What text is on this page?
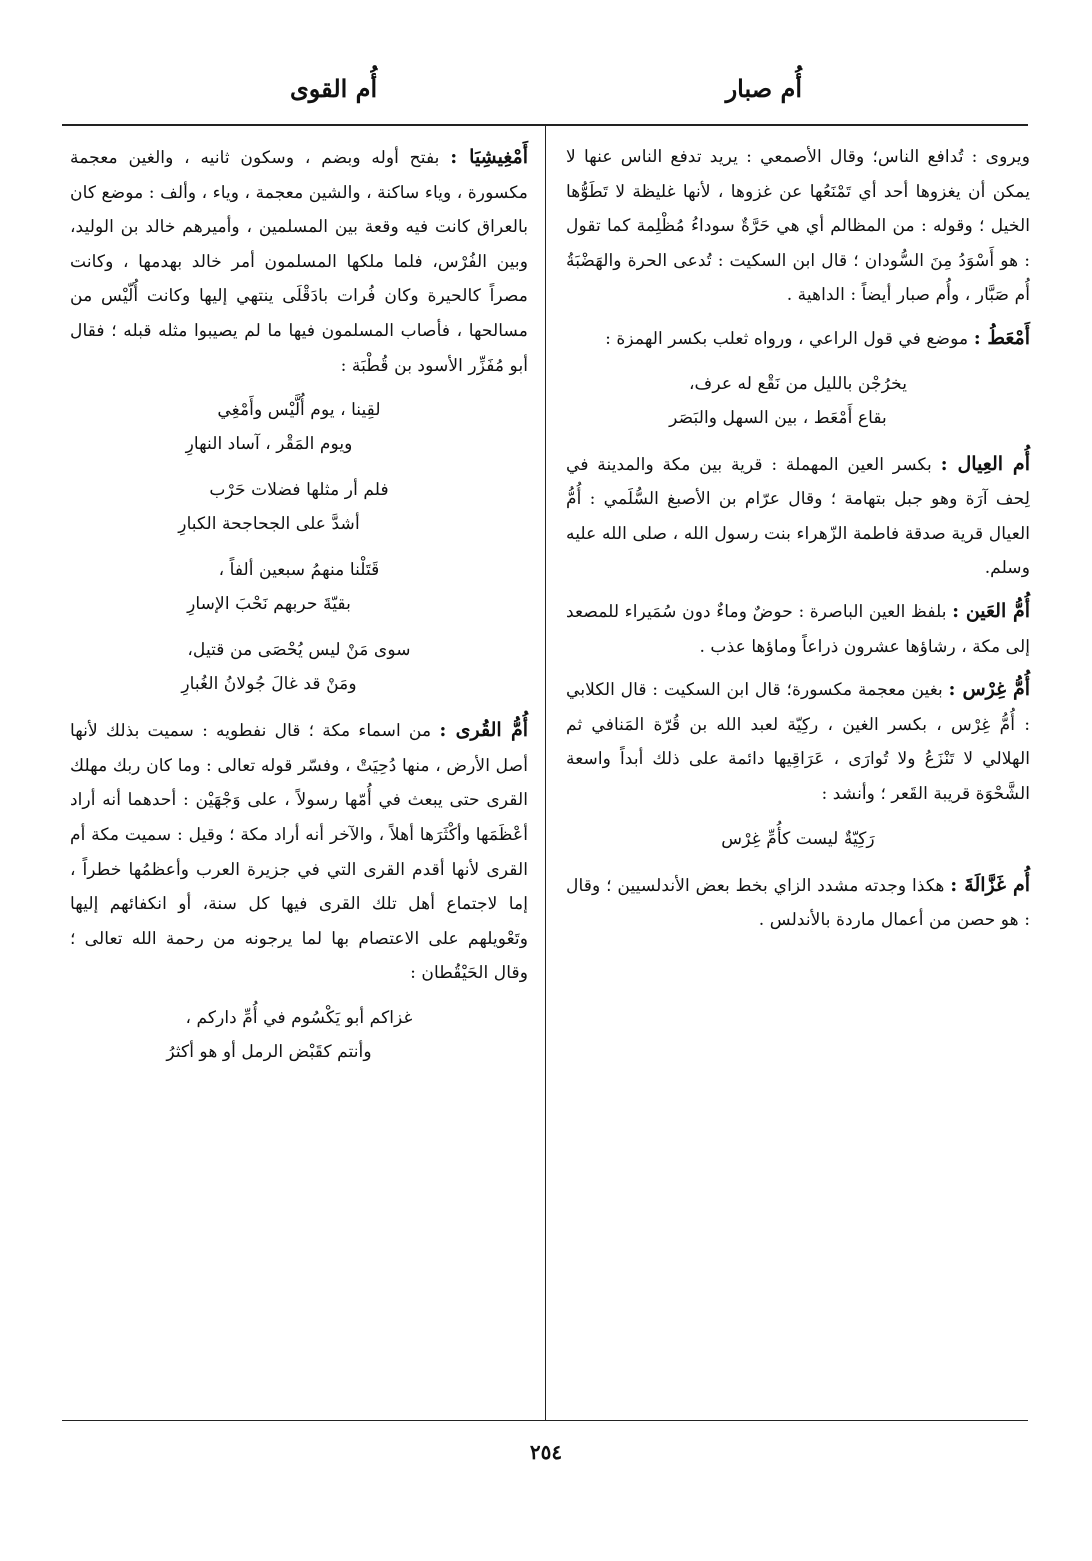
أُم صبار
أُم القوى

ويروى : تُدافع الناس؛ وقال الأصمعي : يريد تدفع الناس عنها لا يمكن أن يغزوها أحد أي تَمْنَعُها عن غزوها ، لأنها غليظة لا تَطَوُّها الخيل ؛ وقوله : من المظالم أي هي حَرَّةٌ سوداءُ مُظْلِمة كما تقول : هو أَسْوَدُ مِنَ السُّودان ؛ قال ابن السكيت : تُدعى الحرة والهَضْبَةُ أُم صَبَّار ، وأُم صبار أيضاً : الداهية .

أَمْعَطُ : موضع في قول الراعي ، ورواه ثعلب بكسر الهمزة :

يخرُجْن بالليل من نَقْع له عرف،
بقاع أَمْعَط ، بين السهل والبَصَر

أُم العِيال : بكسر العين المهملة : قرية بين مكة والمدينة في لِحف آرَة وهو جبل بتهامة ؛ وقال عرّام بن الأصبغ السُّلَمي : أُمُّ العيال قرية صدقة فاطمة الزّهراء بنت رسول الله ، صلى الله عليه وسلم.

أُمُّ العَين : بلفظ العين الباصرة : حوضٌ وماءٌ دون سُمَيراء للمصعد إلى مكة ، رشاؤها عشرون ذراعاً وماؤها عذب .

أُمُّ غِرْس : بغين معجمة مكسورة؛ قال ابن السكيت : قال الكلابي : أُمُّ غِرْس ، بكسر الغين ، ركِيّة لعبد الله بن قُرّة المَنافي ثم الهلالي لا تَنْزَعُ ولا تُوارَى ، عَرَاقِيها دائمة على ذلك أبداً واسعة الشَّحْوَة قريبة القَعر ؛ وأنشد :

رَكِيّةٌ ليست كأُمِّ غِرْس

أُم غَزَّالَةَ : هكذا وجدته مشدد الزاي بخط بعض الأندلسيين ؛ وقال : هو حصن من أعمال ماردة بالأندلس .

أَمْغِيشِيَا : بفتح أوله وبضم ، وسكون ثانيه ، والغين معجمة مكسورة ، وياء ساكنة ، والشين معجمة ، وياء ، وألف : موضع كان بالعراق كانت فيه وقعة بين المسلمين ، وأميرهم خالد بن الوليد، وبين الفُرْس، فلما ملكها المسلمون أمر خالد بهدمها ، وكانت مصراً كالحيرة وكان فُرات بادَقْلَى ينتهي إليها وكانت أُلّيْس من مسالحها ، فأصاب المسلمون فيها ما لم يصيبوا مثله قبله ؛ فقال أبو مُفَزِّر الأسود بن قُطْبَة :

لقِينا ، يوم أُلَّيْس وأَمْغِي
ويوم المَقْر ، آساد النهارِ
فلم أر مثلها فضلات حَرْب
أشدَّ على الجحاجحة الكبارِ
قَتَلْنا منهمُ سبعين ألفاً ،
بقيّةَ حربهم نَحْبَ الإسارِ
سوى مَنْ ليس يُحْصَى من قتيل،
ومَنْ قد غالَ جُولانُ الغُبارِ

أُمُّ القُرى : من اسماء مكة ؛ قال نفطويه : سميت بذلك لأنها أصل الأرض ، منها دُحِيَتْ ، وفسّر قوله تعالى : وما كان ربك مهلك القرى حتى يبعث في أُمّها رسولاً ، على وَجْهَيْن : أحدهما أنه أراد أعْظَمَها وأكْثَرَها أهلاً ، والآخر أنه أراد مكة ؛ وقيل : سميت مكة أم القرى لأنها أقدم القرى التي في جزيرة العرب وأعظمُها خطراً ، إما لاجتماع أهل تلك القرى فيها كل سنة، أو انكفائهم إليها وتَعْويلهم على الاعتصام بها لما يرجونه من رحمة الله تعالى ؛ وقال الحَيْقُطان :

غزاكم أبو يَكْسُوم في أُمِّ داركم ،
وأنتم كقَبْض الرمل أو هو أكثرُ
٢٥٤
